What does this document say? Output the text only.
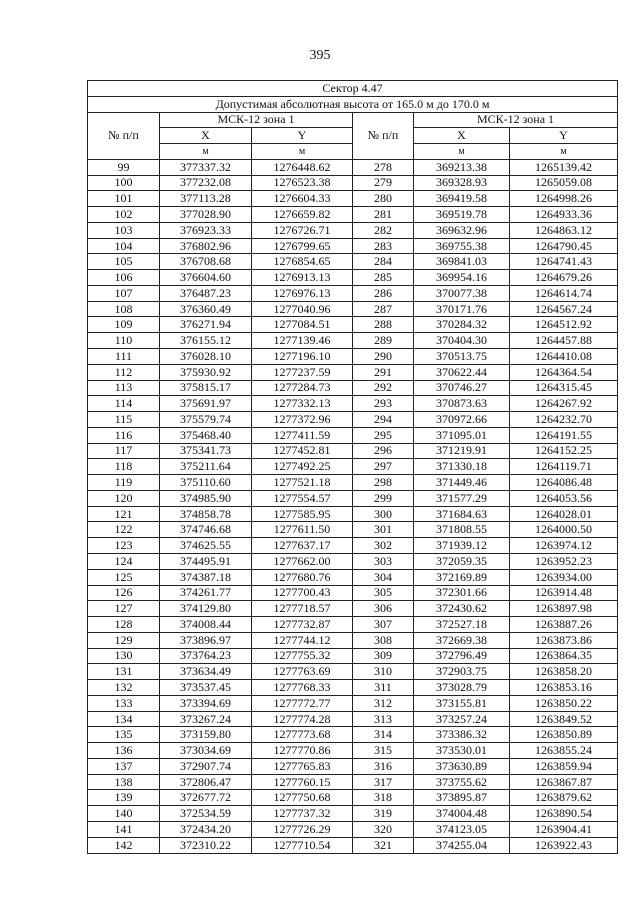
395
Сектор 4.47					
Допустимая абсолютная высота от 165.0 м до 170.0 м					
№ п/п	МСК-12 зона 1		№ п/п	МСК-12 зона 1	
	X	Y		X	Y
	м	м		м	м
99	377337.32	1276448.62	278	369213.38	1265139.42
100	377232.08	1276523.38	279	369328.93	1265059.08
101	377113.28	1276604.33	280	369419.58	1264998.26
102	377028.90	1276659.82	281	369519.78	1264933.36
103	376923.33	1276726.71	282	369632.96	1264863.12
104	376802.96	1276799.65	283	369755.38	1264790.45
105	376708.68	1276854.65	284	369841.03	1264741.43
106	376604.60	1276913.13	285	369954.16	1264679.26
107	376487.23	1276976.13	286	370077.38	1264614.74
108	376360.49	1277040.96	287	370171.76	1264567.24
109	376271.94	1277084.51	288	370284.32	1264512.92
110	376155.12	1277139.46	289	370404.30	1264457.88
111	376028.10	1277196.10	290	370513.75	1264410.08
112	375930.92	1277237.59	291	370622.44	1264364.54
113	375815.17	1277284.73	292	370746.27	1264315.45
114	375691.97	1277332.13	293	370873.63	1264267.92
115	375579.74	1277372.96	294	370972.66	1264232.70
116	375468.40	1277411.59	295	371095.01	1264191.55
117	375341.73	1277452.81	296	371219.91	1264152.25
118	375211.64	1277492.25	297	371330.18	1264119.71
119	375110.60	1277521.18	298	371449.46	1264086.48
120	374985.90	1277554.57	299	371577.29	1264053.56
121	374858.78	1277585.95	300	371684.63	1264028.01
122	374746.68	1277611.50	301	371808.55	1264000.50
123	374625.55	1277637.17	302	371939.12	1263974.12
124	374495.91	1277662.00	303	372059.35	1263952.23
125	374387.18	1277680.76	304	372169.89	1263934.00
126	374261.77	1277700.43	305	372301.66	1263914.48
127	374129.80	1277718.57	306	372430.62	1263897.98
128	374008.44	1277732.87	307	372527.18	1263887.26
129	373896.97	1277744.12	308	372669.38	1263873.86
130	373764.23	1277755.32	309	372796.49	1263864.35
131	373634.49	1277763.69	310	372903.75	1263858.20
132	373537.45	1277768.33	311	373028.79	1263853.16
133	373394.69	1277772.77	312	373155.81	1263850.22
134	373267.24	1277774.28	313	373257.24	1263849.52
135	373159.80	1277773.68	314	373386.32	1263850.89
136	373034.69	1277770.86	315	373530.01	1263855.24
137	372907.74	1277765.83	316	373630.89	1263859.94
138	372806.47	1277760.15	317	373755.62	1263867.87
139	372677.72	1277750.68	318	373895.87	1263879.62
140	372534.59	1277737.32	319	374004.48	1263890.54
141	372434.20	1277726.29	320	374123.05	1263904.41
142	372310.22	1277710.54	321	374255.04	1263922.43
